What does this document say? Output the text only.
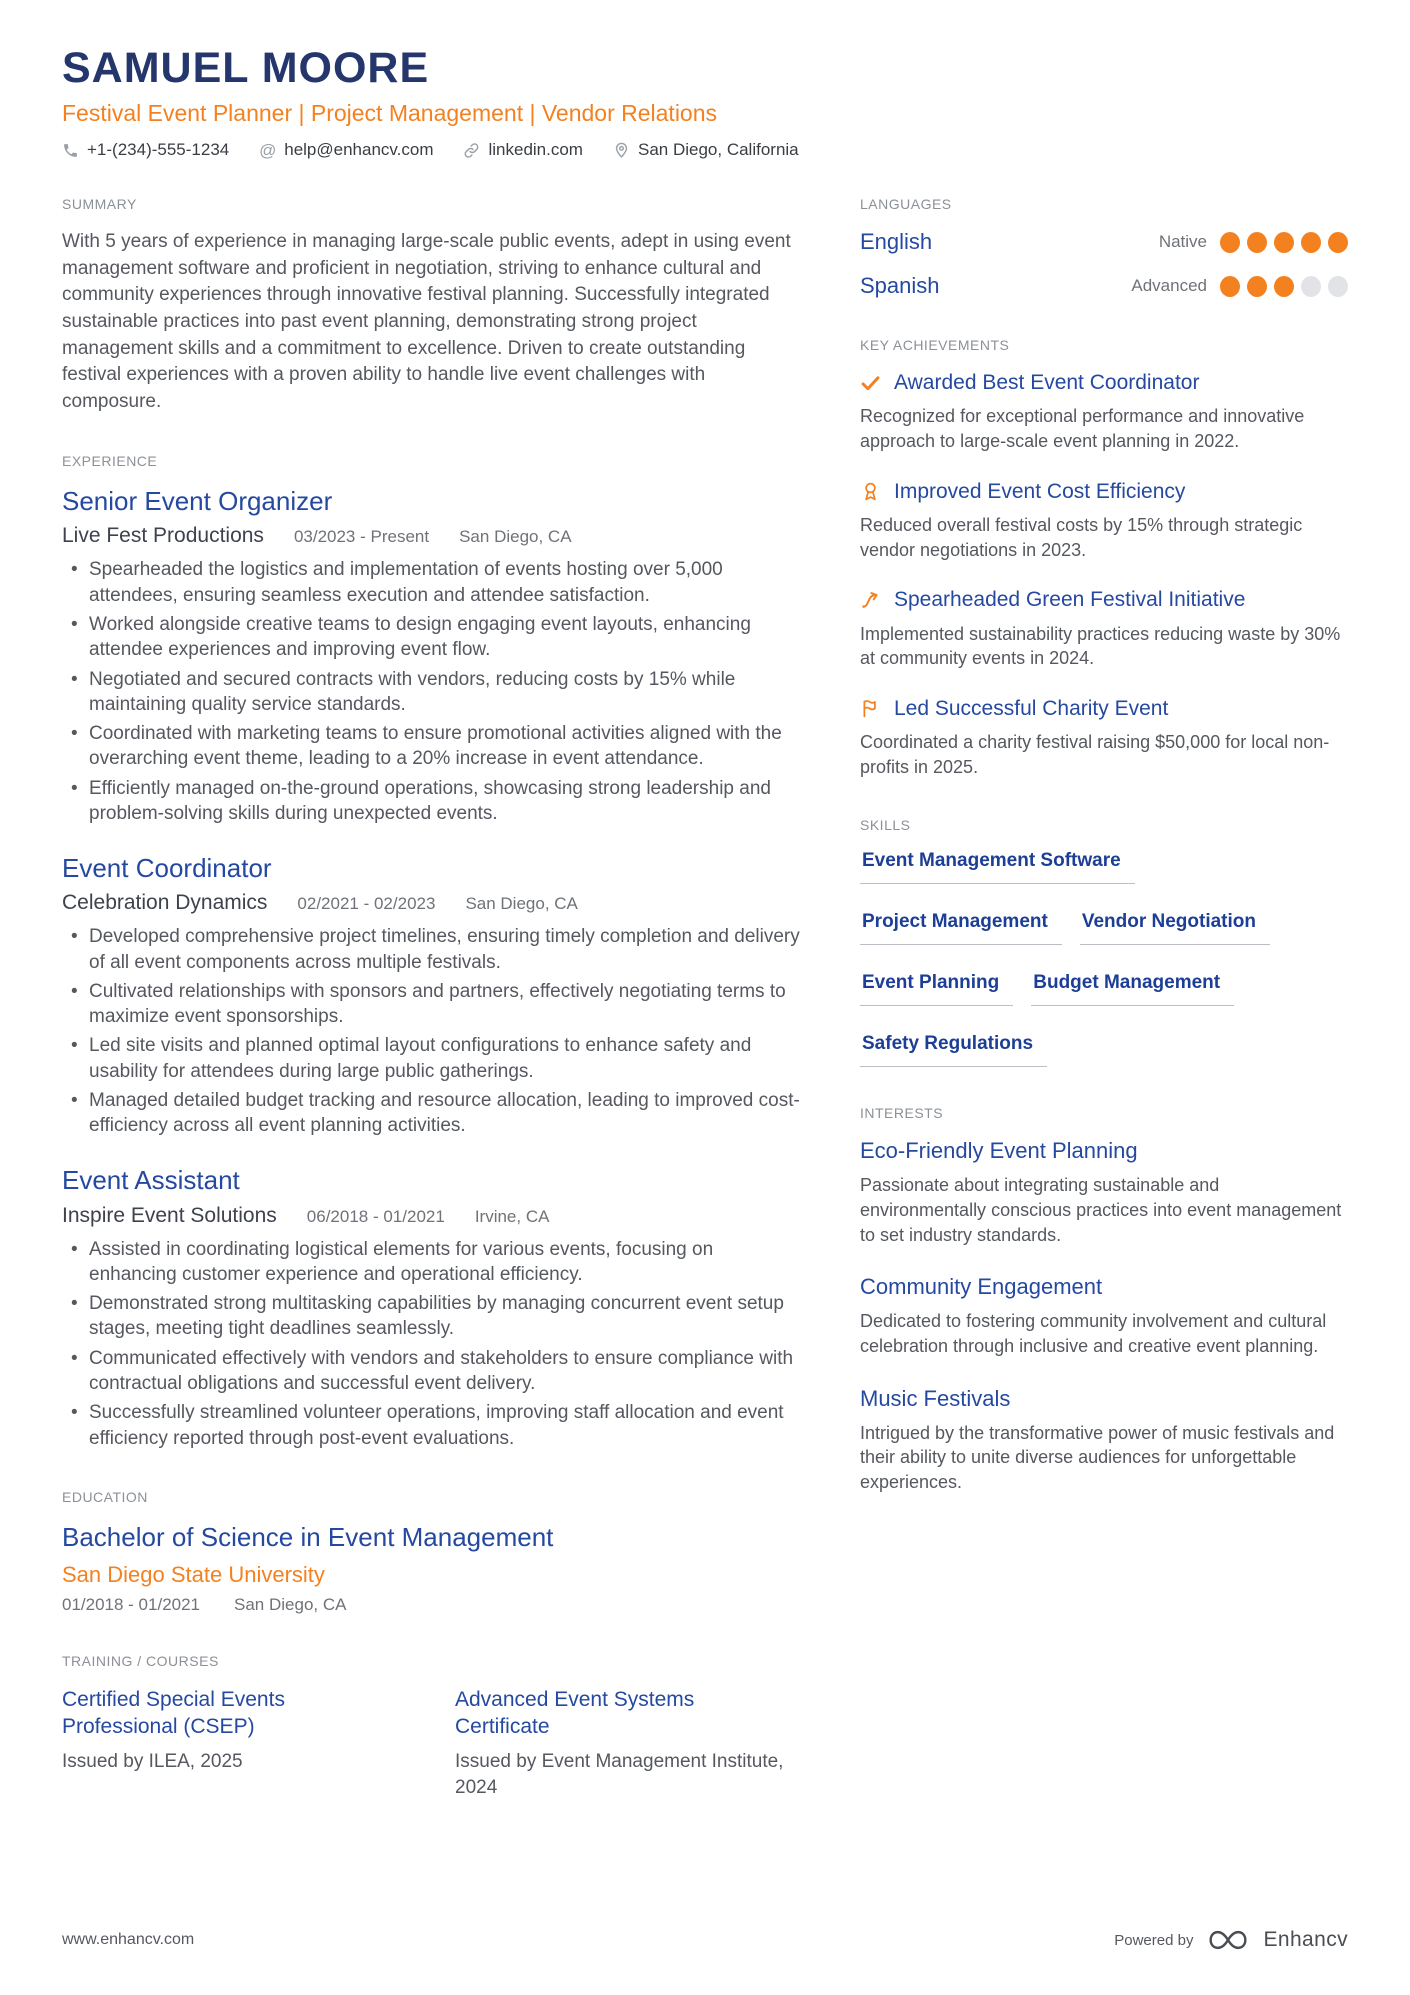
SAMUEL MOORE
Festival Event Planner | Project Management | Vendor Relations
+1-(234)-555-1234 @ help@enhancv.com	linkedin.com	San Diego, California
SUMMARY

With 5 years of experience in managing large-scale public events, adept in using event management software and proficient in negotiation, striving to enhance cultural and community experiences through innovative festival planning. Successfully integrated sustainable practices into past event planning, demonstrating strong project management skills and a commitment to excellence. Driven to create outstanding festival experiences with a proven ability to handle live event challenges with composure.

EXPERIENCE
Senior Event Organizer
Live Fest Productions 03/2023 - Present San Diego, CA
• Spearheaded the logistics and implementation of events hosting over 5,000 attendees, ensuring seamless execution and attendee satisfaction.
• Worked alongside creative teams to design engaging event layouts, enhancing attendee experiences and improving event flow.
• Negotiated and secured contracts with vendors, reducing costs by 15% while maintaining quality service standards.
• Coordinated with marketing teams to ensure promotional activities aligned with the overarching event theme, leading to a 20% increase in event attendance.
• Efficiently managed on-the-ground operations, showcasing strong leadership and problem-solving skills during unexpected events.
Event Coordinator
Celebration Dynamics 02/2021 - 02/2023 San Diego, CA
• Developed comprehensive project timelines, ensuring timely completion and delivery of all event components across multiple festivals.
• Cultivated relationships with sponsors and partners, effectively negotiating terms to maximize event sponsorships.
• Led site visits and planned optimal layout configurations to enhance safety and usability for attendees during large public gatherings.
• Managed detailed budget tracking and resource allocation, leading to improved cost-efficiency across all event planning activities.
Event Assistant
Inspire Event Solutions 06/2018 - 01/2021 Irvine, CA
• Assisted in coordinating logistical elements for various events, focusing on enhancing customer experience and operational efficiency.
• Demonstrated strong multitasking capabilities by managing concurrent event setup stages, meeting tight deadlines seamlessly.
• Communicated effectively with vendors and stakeholders to ensure compliance with contractual obligations and successful event delivery.
• Successfully streamlined volunteer operations, improving staff allocation and event efficiency reported through post-event evaluations.
EDUCATION
Bachelor of Science in Event Management
San Diego State University
01/2018 - 01/2021 San Diego, CA
TRAINING / COURSES
Certified Special Events Professional (CSEP)
Issued by ILEA, 2025
Advanced Event Systems Certificate
Issued by Event Management Institute, 2024
LANGUAGES
English	Native
Spanish	Advanced
KEY ACHIEVEMENTS
Awarded Best Event Coordinator

Recognized for exceptional performance and innovative approach to large-scale event planning in 2022.

Improved Event Cost Efficiency

Reduced overall festival costs by 15% through strategic vendor negotiations in 2023.

Spearheaded Green Festival Initiative

Implemented sustainability practices reducing waste by 30% at community events in 2024.

Led Successful Charity Event

Coordinated a charity festival raising $50,000 for local non-profits in 2025.

SKILLS
Event Management Software
Project Management	Vendor Negotiation
Event Planning	Budget Management
Safety Regulations
INTERESTS
Eco-Friendly Event Planning

Passionate about integrating sustainable and environmentally conscious practices into event management to set industry standards.

Community Engagement

Dedicated to fostering community involvement and cultural celebration through inclusive and creative event planning.

Music Festivals

Intrigued by the transformative power of music festivals and their ability to unite diverse audiences for unforgettable experiences.

www.enhancv.com	Powered by	Enhancv
